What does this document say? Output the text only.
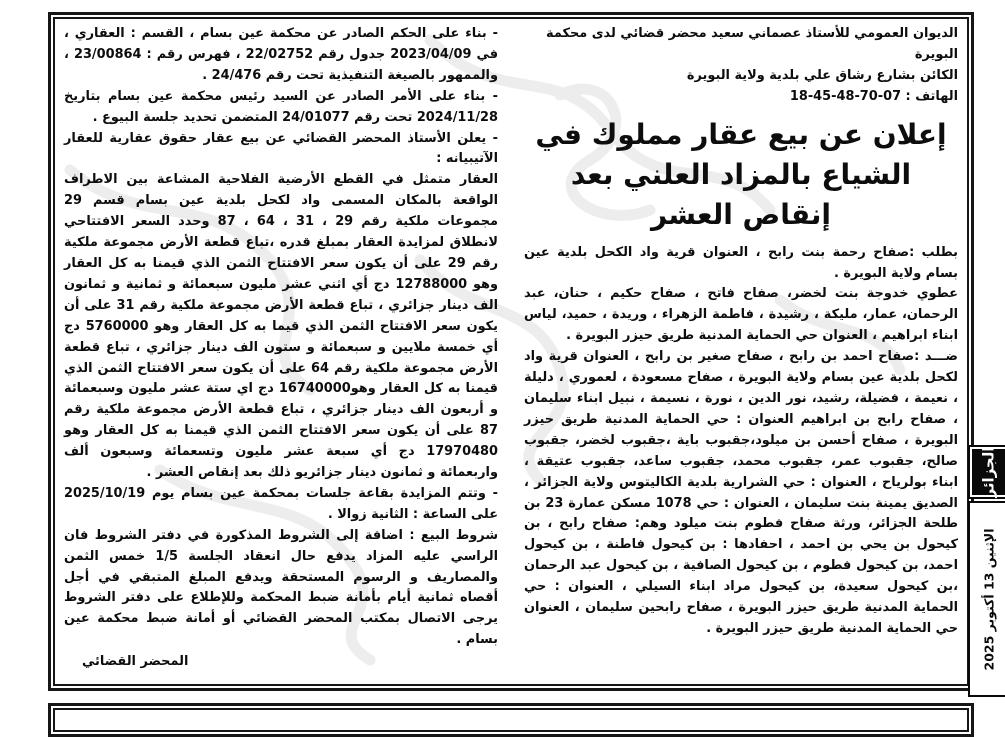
الديوان العمومي للأستاذ عصماني سعيد محضر قضائي لدى محكمة البويرة

الكائن بشارع رشاق علي بلدية ولاية البويرة

الهاتف : 07-70-48-45-18

إعلان عن بيع عقار مملوك في الشياع بالمزاد العلني بعد إنقاص العشر

بطلب :صفاح رحمة بنت رابح ، العنوان قرية واد الكحل بلدية عين بسام ولاية البويرة .

عطوي خدوجة بنت لخضر، صفاح فاتح ، صفاح حكيم ، حنان، عبد الرحمان، عمار، مليكة ، رشيدة ، فاطمة الزهراء ، وريدة ، حميد، لياس ابناء ابراهيم ، العنوان حي الحماية المدنية طريق حيزر البويرة .

ضـــد :صفاح احمد بن رابح ، صفاح صغير بن رابح ، العنوان قرية واد لكحل بلدية عين بسام ولاية البويرة ، صفاح مسعودة ، لعموري ، دليلة ، نعيمة ، فضيلة، رشيد، نور الدين ، نورة ، نسيمة ، نبيل ابناء سليمان ، صفاح رابح بن ابراهيم العنوان : حي الحماية المدنية طريق حيزر البويرة ، صفاح أحسن بن ميلود،جقبوب باية ،جقبوب لخضر، جقبوب صالح، جقبوب عمر، جقبوب محمد، جقبوب ساعد، جقبوب عتيقة ، ابناء بولرياح ، العنوان : حي الشرارية بلدية الكاليتوس ولاية الجزائر ، الصديق يمينة بنت سليمان ، العنوان : حي 1078 مسكن عمارة 23 بن طلحة الجزائر، ورثة صفاح فطوم بنت ميلود وهم: صفاح رابح ، بن كيحول بن يحي بن احمد ، احفادها : بن كيحول فاطنة ، بن كيحول احمد، بن كيحول فطوم ، بن كيحول الصافية ، بن كيحول عبد الرحمان ،بن كيحول سعيدة، بن كيحول مراد ابناء السيلي ، العنوان : حي الحماية المدنية طريق حيزر البويرة ، صفاح رابحين سليمان ، العنوان حي الحماية المدنية طريق حيزر البويرة .

- بناء على الحكم الصادر عن محكمة عين بسام ، القسم : العقاري ، في 2023/04/09 جدول رقم 22/02752 ، فهرس رقم : 23/00864 ، والممهور بالصيغة التنفيذية تحت رقم 24/476 .

- بناء على الأمر الصادر عن السيد رئيس محكمة عين بسام بتاريخ 2024/11/28 تحت رقم 24/01077 المتضمن تحديد جلسة البيوع .

- يعلن الأستاذ المحضر القضائي عن بيع عقار حقوق عقارية للعقار الآتيبيانه :

العقار متمثل في القطع الأرضية الفلاحية المشاعة بين الاطراف الواقعة بالمكان المسمى واد لكحل بلدية عين بسام قسم 29 مجموعات ملكية رقم 29 ، 31 ، 64 ، 87 وحدد السعر الافتتاحي لانطلاق لمزايدة العقار بمبلغ قدره ،تباع قطعة الأرض مجموعة ملكية رقم 29 على أن يكون سعر الافتتاح الثمن الذي قيمنا به كل العقار وهو 12788000 دج أي اثني عشر مليون سبعمائة و ثمانية و ثمانون الف دينار جزائري ، تباع قطعة الأرض مجموعة ملكية رقم 31 على أن يكون سعر الافتتاح الثمن الذي قيما به كل العقار وهو 5760000 دج أي خمسة ملايين و سبعمائة و ستون الف دينار جزائري ، تباع قطعة الأرض مجموعة ملكية رقم 64 على أن يكون سعر الافتتاح الثمن الذي قيمنا به كل العقار وهو16740000 دج اي ستة عشر مليون وسبعمائة و أربعون الف دينار جزائري ، تباع قطعة الأرض مجموعة ملكية رقم 87 على أن يكون سعر الافتتاح الثمن الذي قيمنا به كل العقار وهو 17970480 دج أي سبعة عشر مليون وتسعمائة وسبعون ألف واربعمائة و ثمانون دينار جزائريو ذلك بعد إنقاص العشر .

- وتتم المزايدة بقاعة جلسات بمحكمة عين بسام يوم 2025/10/19 على الساعة : الثانية زوالا .

شروط البيع : اضافة إلى الشروط المذكورة في دفتر الشروط فان الراسي عليه المزاد يدفع حال انعقاد الجلسة 1/5 خمس الثمن والمصاريف و الرسوم المستحقة ويدفع المبلغ المتبقي في أجل أقصاه ثمانية أيام بأمانة ضبط المحكمة وللإطلاع على دفتر الشروط يرجى الاتصال بمكتب المحضر القضائي أو أمانة ضبط محكمة عين بسام .

المحضر القضائي

الجزائر
الإثنين 13 أكتوبر 2025
